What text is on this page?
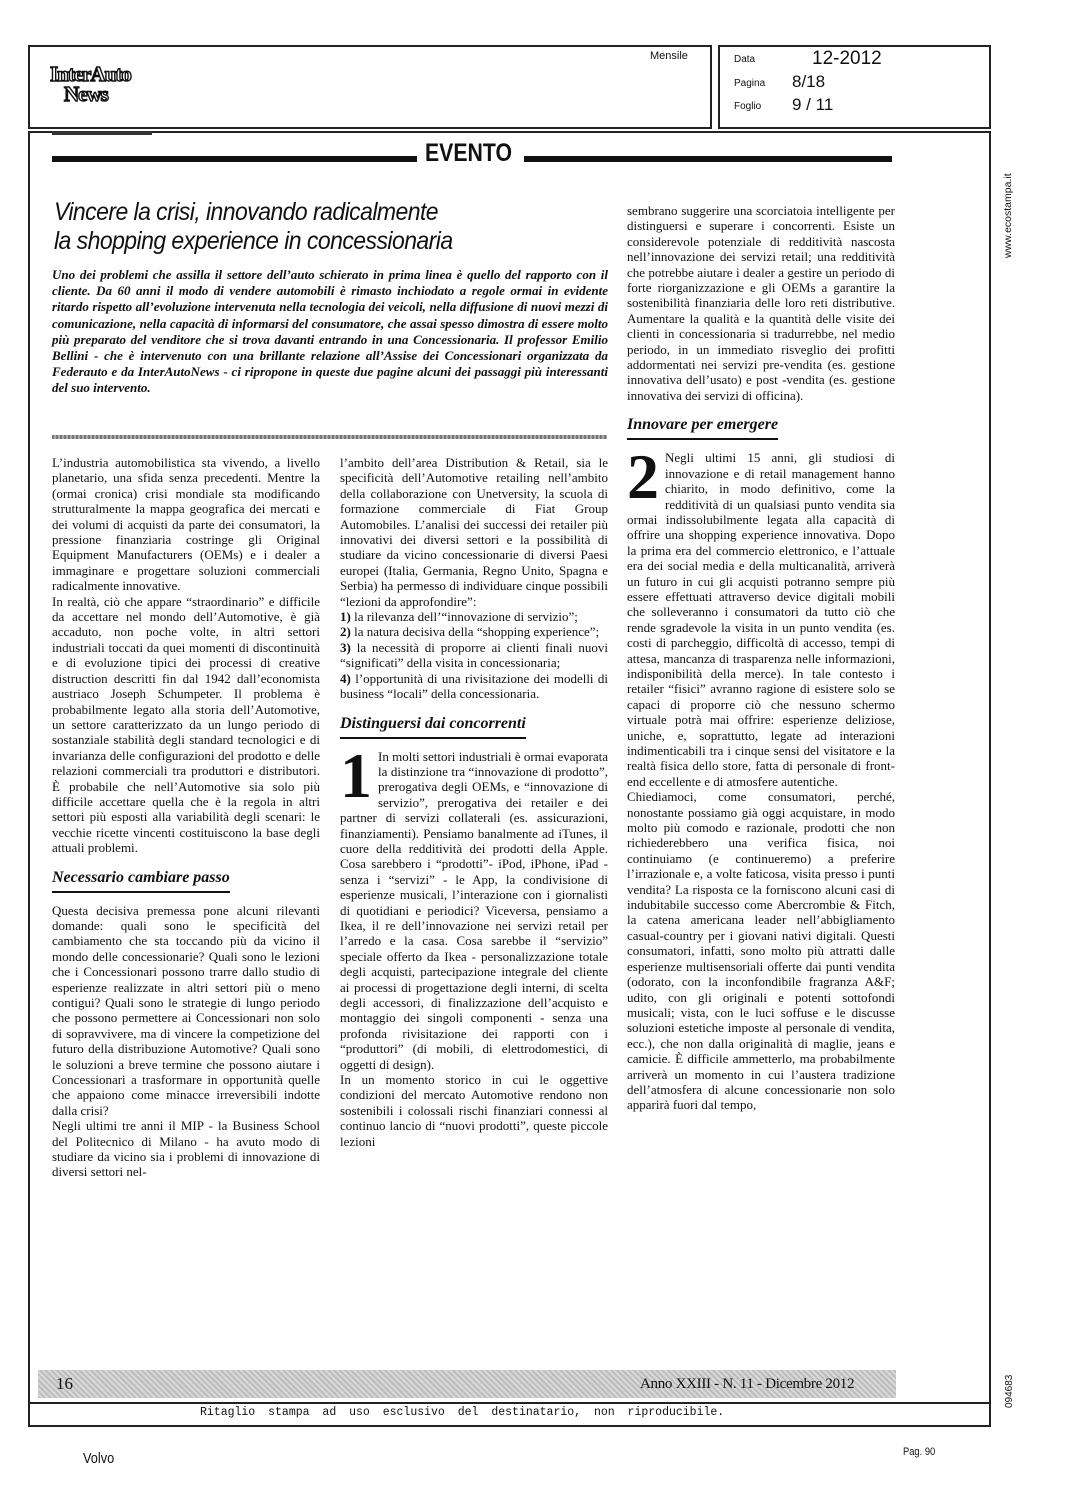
InterAuto
News
Mensile	Data	12-2012
Pagina 8/18
Foglio 9 / 11
EVENTO
Vincere la crisi, innovando radicalmente
la shopping experience in concessionaria
Uno dei problemi che assilla il settore dell’auto schierato in prima linea è quello del rapporto con il cliente. Da 60 anni il modo di vendere automobili è rimasto inchiodato a regole ormai in evidente ritardo rispetto all’evoluzione intervenuta nella tecnologia dei veicoli, nella diffusione di nuovi mezzi di comunicazione, nella capacità di informarsi del consumatore, che assai spesso dimostra di essere molto più preparato del venditore che si trova davanti entrando in una Concessionaria. Il professor Emilio Bellini - che è intervenuto con una brillante relazione all’Assise dei Concessionari organizzata da Federauto e da InterAutoNews - ci ripropone in queste due pagine alcuni dei passaggi più interessanti del suo intervento.

L’industria automobilistica sta vivendo, a livello planetario, una sfida senza precedenti. Mentre la (ormai cronica) crisi mondiale sta modificando strutturalmente la mappa geografica dei mercati e dei volumi di acquisti da parte dei consumatori, la pressione finanziaria costringe gli Original Equipment Manufacturers (OEMs) e i dealer a immaginare e progettare soluzioni commerciali radicalmente innovative.

In realtà, ciò che appare “straordinario” e difficile da accettare nel mondo dell’Automotive, è già accaduto, non poche volte, in altri settori industriali toccati da quei momenti di discontinuità e di evoluzione tipici dei processi di creative distruction descritti fin dal 1942 dall’economista austriaco Joseph Schumpeter. Il problema è probabilmente legato alla storia dell’Automotive, un settore caratterizzato da un lungo periodo di sostanziale stabilità degli standard tecnologici e di invarianza delle configurazioni del prodotto e delle relazioni commerciali tra produttori e distributori. È probabile che nell’Automotive sia solo più difficile accettare quella che è la regola in altri settori più esposti alla variabilità degli scenari: le vecchie ricette vincenti costituiscono la base degli attuali problemi.

Necessario cambiare passo

Questa decisiva premessa pone alcuni rilevanti domande: quali sono le specificità del cambiamento che sta toccando più da vicino il mondo delle concessionarie? Quali sono le lezioni che i Concessionari possono trarre dallo studio di esperienze realizzate in altri settori più o meno contigui? Quali sono le strategie di lungo periodo che possono permettere ai Concessionari non solo di sopravvivere, ma di vincere la competizione del futuro della distribuzione Automotive? Quali sono le soluzioni a breve termine che possono aiutare i Concessionari a trasformare in opportunità quelle che appaiono come minacce irreversibili indotte dalla crisi?

Negli ultimi tre anni il MIP - la Business School del Politecnico di Milano - ha avuto modo di studiare da vicino sia i problemi di innovazione di diversi settori nel-

l’ambito dell’area Distribution & Retail, sia le specificità dell’Automotive retailing nell’ambito della collaborazione con Unetversity, la scuola di formazione commerciale di Fiat Group Automobiles. L’analisi dei successi dei retailer più innovativi dei diversi settori e la possibilità di studiare da vicino concessionarie di diversi Paesi europei (Italia, Germania, Regno Unito, Spagna e Serbia) ha permesso di individuare cinque possibili “lezioni da approfondire”:

1) la rilevanza dell’“innovazione di servizio”;

2) la natura decisiva della “shopping experience”;

3) la necessità di proporre ai clienti finali nuovi “significati” della visita in concessionaria;

4) l’opportunità di una rivisitazione dei modelli di business “locali” della concessionaria.

Distinguersi dai concorrenti

1 In molti settori industriali è ormai evaporata la distinzione tra “innovazione di prodotto”, prerogativa degli OEMs, e “innovazione di servizio”, prerogativa dei retailer e dei partner di servizi collaterali (es. assicurazioni, finanziamenti). Pensiamo banalmente ad iTunes, il cuore della redditività dei prodotti della Apple. Cosa sarebbero i “prodotti”- iPod, iPhone, iPad - senza i “servizi” - le App, la condivisione di esperienze musicali, l’interazione con i giornalisti di quotidiani e periodici? Viceversa, pensiamo a Ikea, il re dell’innovazione nei servizi retail per l’arredo e la casa. Cosa sarebbe il “servizio” speciale offerto da Ikea - personalizzazione totale degli acquisti, partecipazione integrale del cliente ai processi di progettazione degli interni, di scelta degli accessori, di finalizzazione dell’acquisto e montaggio dei singoli componenti - senza una profonda rivisitazione dei rapporti con i “produttori” (di mobili, di elettrodomestici, di oggetti di design).

In un momento storico in cui le oggettive condizioni del mercato Automotive rendono non sostenibili i colossali rischi finanziari connessi al continuo lancio di “nuovi prodotti”, queste piccole lezioni

sembrano suggerire una scorciatoia intelligente per distinguersi e superare i concorrenti. Esiste un considerevole potenziale di redditività nascosta nell’innovazione dei servizi retail; una redditività che potrebbe aiutare i dealer a gestire un periodo di forte riorganizzazione e gli OEMs a garantire la sostenibilità finanziaria delle loro reti distributive. Aumentare la qualità e la quantità delle visite dei clienti in concessionaria si tradurrebbe, nel medio periodo, in un immediato risveglio dei profitti addormentati nei servizi pre-vendita (es. gestione innovativa dell’usato) e post -vendita (es. gestione innovativa dei servizi di officina).

Innovare per emergere

2 Negli ultimi 15 anni, gli studiosi di innovazione e di retail management hanno chiarito, in modo definitivo, come la redditività di un qualsiasi punto vendita sia ormai indissolubilmente legata alla capacità di offrire una shopping experience innovativa. Dopo la prima era del commercio elettronico, e l’attuale era dei social media e della multicanalità, arriverà un futuro in cui gli acquisti potranno sempre più essere effettuati attraverso device digitali mobili che solleveranno i consumatori da tutto ciò che rende sgradevole la visita in un punto vendita (es. costi di parcheggio, difficoltà di accesso, tempi di attesa, mancanza di trasparenza nelle informazioni, indisponibilità della merce). In tale contesto i retailer “fisici” avranno ragione di esistere solo se capaci di proporre ciò che nessuno schermo virtuale potrà mai offrire: esperienze deliziose, uniche, e, soprattutto, legate ad interazioni indimenticabili tra i cinque sensi del visitatore e la realtà fisica dello store, fatta di personale di front-end eccellente e di atmosfere autentiche.

Chiediamoci, come consumatori, perché, nonostante possiamo già oggi acquistare, in modo molto più comodo e razionale, prodotti che non richiederebbero una verifica fisica, noi continuiamo (e continueremo) a preferire l’irrazionale e, a volte faticosa, visita presso i punti vendita? La risposta ce la forniscono alcuni casi di indubitabile successo come Abercrombie & Fitch, la catena americana leader nell’abbigliamento casual-country per i giovani nativi digitali. Questi consumatori, infatti, sono molto più attratti dalle esperienze multisensoriali offerte dai punti vendita (odorato, con la inconfondibile fragranza A&F; udito, con gli originali e potenti sottofondi musicali; vista, con le luci soffuse e le discusse soluzioni estetiche imposte al personale di vendita, ecc.), che non dalla originalità di maglie, jeans e camicie. È difficile ammetterlo, ma probabilmente arriverà un momento in cui l’austera tradizione dell’atmosfera di alcune concessionarie non solo apparirà fuori dal tempo,

16	Anno XXIII - N. 11 - Dicembre 2012
Ritaglio stampa ad uso esclusivo del destinatario, non riproducibile.
www.ecostampa.it
094683
Volvo	Pag. 90
